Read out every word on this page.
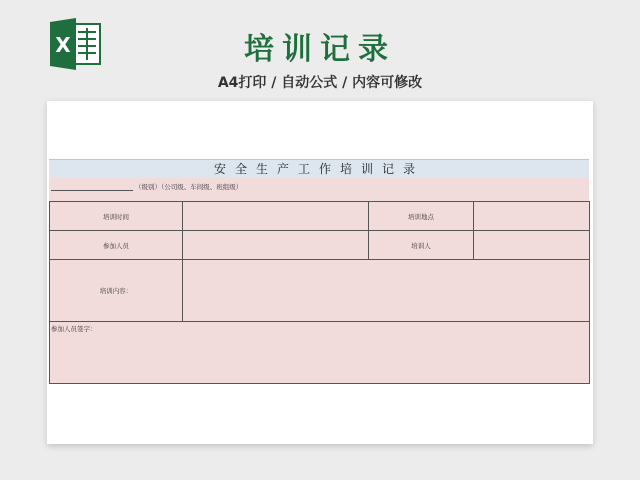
X	培训记录
A4打印 / 自动公式 / 内容可修改
安全生产工作培训记录
（级别）（公司级、车间级、班组级）
培训时间		培训地点	
参加人员		培训人	
培训内容：			
参加人员签字：			
